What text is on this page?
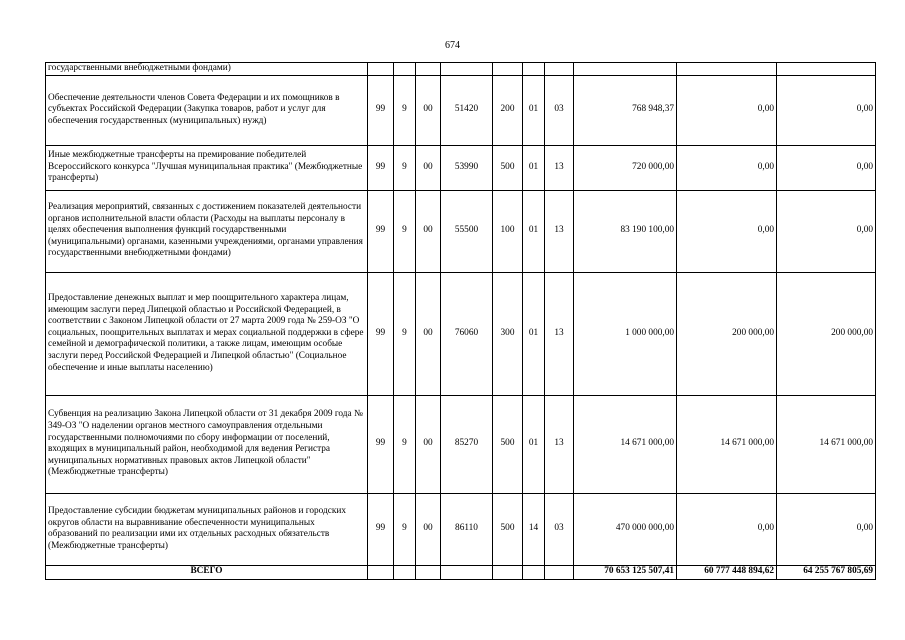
674
государственными внебюджетными фондами)										
Обеспечение деятельности членов Совета Федерации и их помощников в субъектах Российской Федерации (Закупка товаров, работ и услуг для обеспечения государственных (муниципальных) нужд)	99	9	00	51420	200	01	03	768 948,37	0,00	0,00
Иные межбюджетные трансферты на премирование победителей Всероссийского конкурса "Лучшая муниципальная практика" (Межбюджетные трансферты)	99	9	00	53990	500	01	13	720 000,00	0,00	0,00
Реализация мероприятий, связанных с достижением показателей деятельности органов исполнительной власти области (Расходы на выплаты персоналу в целях обеспечения выполнения функций государственными (муниципальными) органами, казенными учреждениями, органами управления государственными внебюджетными фондами)	99	9	00	55500	100	01	13	83 190 100,00	0,00	0,00
Предоставление денежных выплат и мер поощрительного характера лицам, имеющим заслуги перед Липецкой областью и Российской Федерацией, в соответствии с Законом Липецкой области от 27 марта 2009 года № 259-ОЗ "О социальных, поощрительных выплатах и мерах социальной поддержки в сфере семейной и демографической политики, а также лицам, имеющим особые заслуги перед Российской Федерацией и Липецкой областью" (Социальное обеспечение и иные выплаты населению)	99	9	00	76060	300	01	13	1 000 000,00	200 000,00	200 000,00
Субвенция на реализацию Закона Липецкой области от 31 декабря 2009 года № 349-ОЗ "О наделении органов местного самоуправления отдельными государственными полномочиями по сбору информации от поселений, входящих в муниципальный район, необходимой для ведения Регистра муниципальных нормативных правовых актов Липецкой области" (Межбюджетные трансферты)	99	9	00	85270	500	01	13	14 671 000,00	14 671 000,00	14 671 000,00
Предоставление субсидии бюджетам муниципальных районов и городских округов области на выравнивание обеспеченности муниципальных образований по реализации ими их отдельных расходных обязательств (Межбюджетные трансферты)	99	9	00	86110	500	14	03	470 000 000,00	0,00	0,00
ВСЕГО								70 653 125 507,41	60 777 448 894,62	64 255 767 805,69
